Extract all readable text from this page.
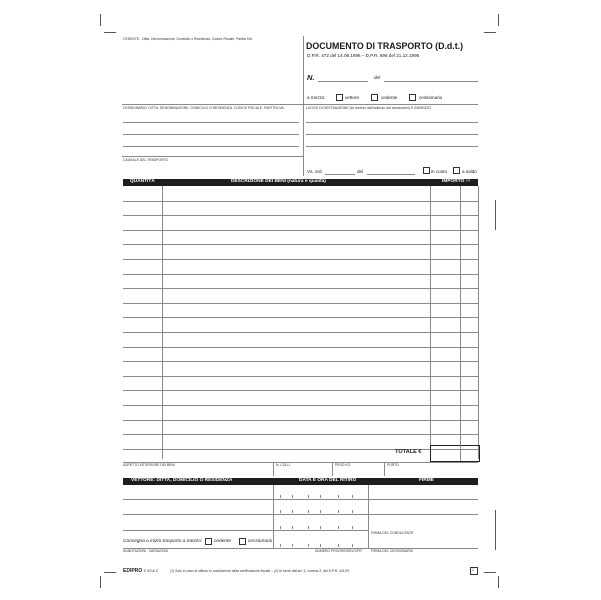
CEDENTE - Ditta, Denominazione, Domicilio o Residenza, Codice Fiscale, Partita IVA
DOCUMENTO DI TRASPORTO (D.d.t.)
D.P.R. 472 del 14.08.1996 – D.P.R. 696 del 21.12.1996
N.	del
a mezzo:	vettore	cedente	cessionario
CESSIONARIO: DITTA, DENOMINAZIONE, DOMICILIO O RESIDENZA, CODICE FISCALE, PARTITA IVA	LUOGO DI DESTINAZIONE (se diverso dall'indirizzo del cessionario) E INDIRIZZO
CAUSALE DEL TRASPORTO
Vs. ord.	del	in conto	a saldo
QUANTITÀ	DESCRIZIONE DEI BENI (natura e qualità)	IMPORTO (1)
TOTALE €
ASPETTO ESTERIORE DEI BENI	N. COLLI	PESO KG	PORTO
VETTORE: DITTA, DOMICILIO O RESIDENZA	DATA E ORA DEL RITIRO	FIRME
FIRMA DEL CONDUCENTE
Consegna o inizio trasporto a mezzo: cedente	cessionario
ANNOTAZIONI - VARIAZIONI	NUMERO PROGRESSIVO/PR	FIRMA DEL CESSIONARIO
EDIPRO E 5216 C	(1) Solo in caso di utilizzo in sostituzione della certificazione fiscale – (2) Ai sensi dell'art. 3, comma 2, del D.P.R. 441/97.	1
